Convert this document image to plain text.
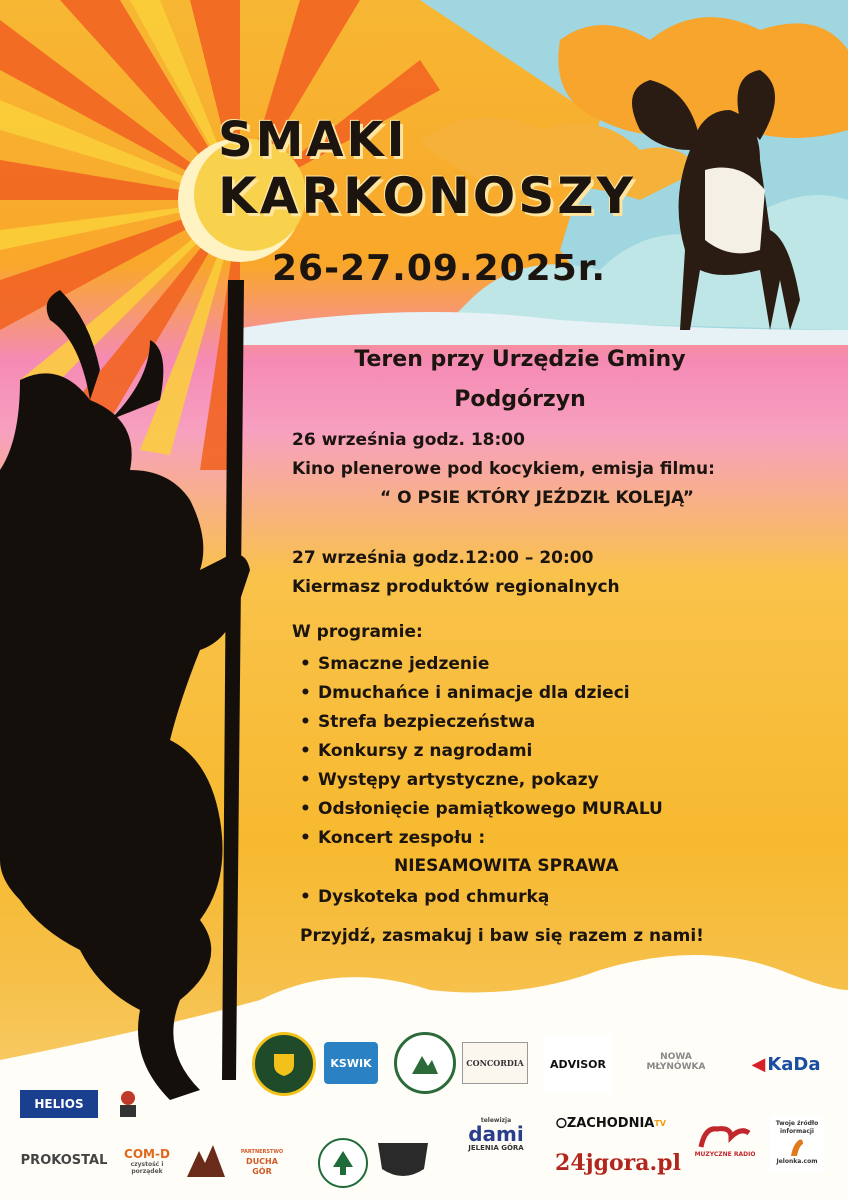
SMAKI
KARKONOSZY
26-27.09.2025r.
Teren przy Urzędzie Gminy
Podgórzyn
26 września godz. 18:00
Kino plenerowe pod kocykiem, emisja filmu:
“ O PSIE KTÓRY JEŹDZIŁ KOLEJĄ”
27 września godz.12:00 – 20:00
Kiermasz produktów regionalnych
W programie:
• Smaczne jedzenie
• Dmuchańce i animacje dla dzieci
• Strefa bezpieczeństwa
• Konkursy z nagrodami
• Występy artystyczne, pokazy
• Odsłonięcie pamiątkowego MURALU
• Koncert zespołu :
NIESAMOWITA SPRAWA
• Dyskoteka pod chmurką
Przyjdź, zasmakuj i baw się razem z nami!
KSWIK	CONCORDIA	ADVISOR
NOWA
MŁYNÓWKA	◀ KaDa
HELIOS
PROKOSTAL COM-D
czystość i porządek
PARTNERSTWO
DUCHA
GÓR
telewizja
dami
JELENIA GÓRA
ZACHODNIA TV
24jgora.pl	MUZYCZNE RADIO
Twoje źródło
informacji
Jelonka.com
